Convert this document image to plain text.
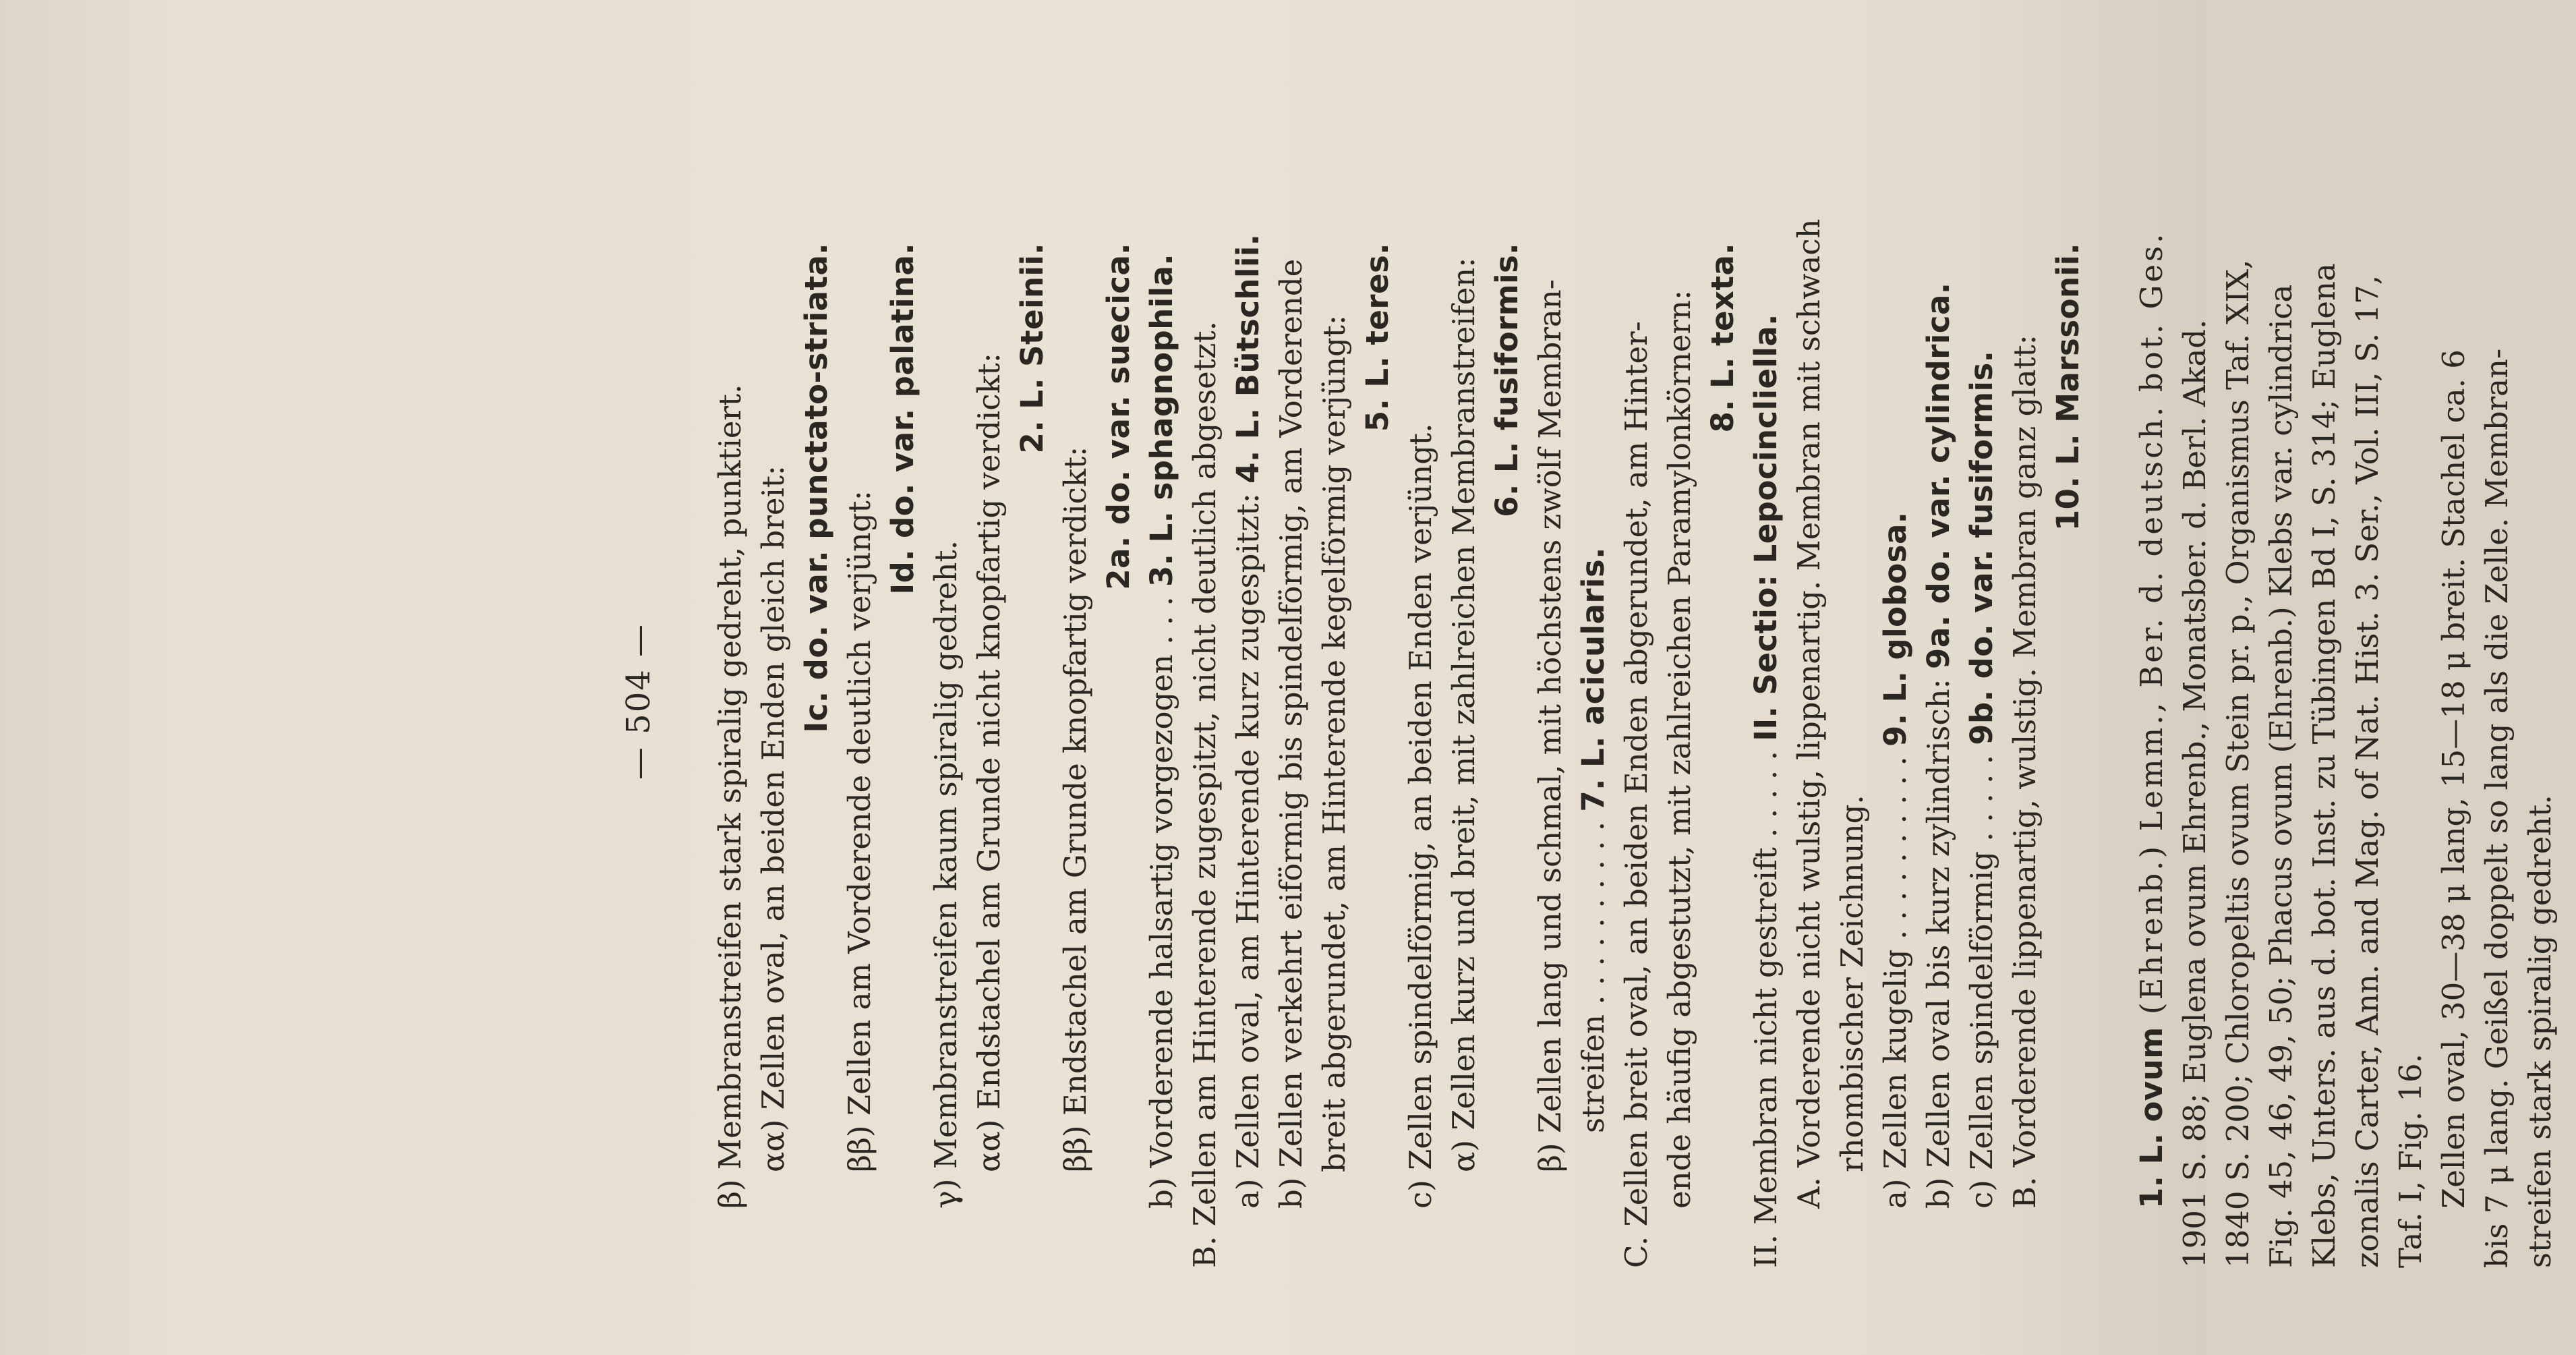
— 504 — β) Membranstreifen stark spiralig gedreht, punktiert. αα) Zellen oval, an beiden Enden gleich breit: Ic. do. var. punctato-striata.
ββ) Zellen am Vorderende deutlich verjüngt:
Id. do. var. palatina.
γ) Membranstreifen kaum spiralig gedreht. αα) Endstachel am Grunde nicht knopfartig verdickt:
2. L. Steinii.
ββ) Endstachel am Grunde knopfartig verdickt:
2a. do. var. suecica.
b) Vorderende halsartig vorgezogen . . . 3. L. sphagnophila. B. Zellen am Hinterende zugespitzt, nicht deutlich abgesetzt. a) Zellen oval, am Hinterende kurz zugespitzt: 4. L. Bütschlii. b) Zellen verkehrt eiförmig bis spindelförmig, am Vorderende breit abgerundet, am Hinterende kegelförmig verjüngt: 5. L. teres.
c) Zellen spindelförmig, an beiden Enden verjüngt. α) Zellen kurz und breit, mit zahlreichen Membranstreifen: 6. L. fusiformis. β) Zellen lang und schmal, mit höchstens zwölf Membran- streifen . . . . . . . . . . 7. L. acicularis. C. Zellen breit oval, an beiden Enden abgerundet, am Hinter- ende häufig abgestutzt, mit zahlreichen Paramylonkörnern: 8. L. texta.
II. Membran nicht gestreift . . . . . II. Sectio: Lepocincliella. A. Vorderende nicht wulstig, lippenartig. Membran mit schwach rhombischer Zeichnung. a) Zellen kugelig . . . . . . . . . . 9. L. globosa.
b) Zellen oval bis kurz zylindrisch: 9a. do. var. cylindrica.
c) Zellen spindelförmig . . . . . 9b. do. var. fusiformis. B. Vorderende lippenartig, wulstig. Membran ganz glatt: 10. L. Marssonii.
1. L. ovum (Ehrenb.) Lemm., Ber. d. deutsch. bot. Ges. 1901 S. 88; Euglena ovum Ehrenb., Monatsber. d. Berl. Akad. 1840 S. 200; Chloropeltis ovum Stein pr. p., Organismus Taf. XIX, Fig. 45, 46, 49, 50; Phacus ovum (Ehrenb.) Klebs var. cylindrica Klebs, Unters. aus d. bot. Inst. zu Tübingen Bd I, S. 314; Euglena zonalis Carter, Ann. and Mag. of Nat. Hist. 3. Ser., Vol. III, S. 17, Taf. I, Fig. 16. Zellen oval, 30—38 μ lang, 15—18 μ breit. Stachel ca. 6 bis 7 μ lang. Geißel doppelt so lang als die Zelle. Membran- streifen stark spiralig gedreht.
